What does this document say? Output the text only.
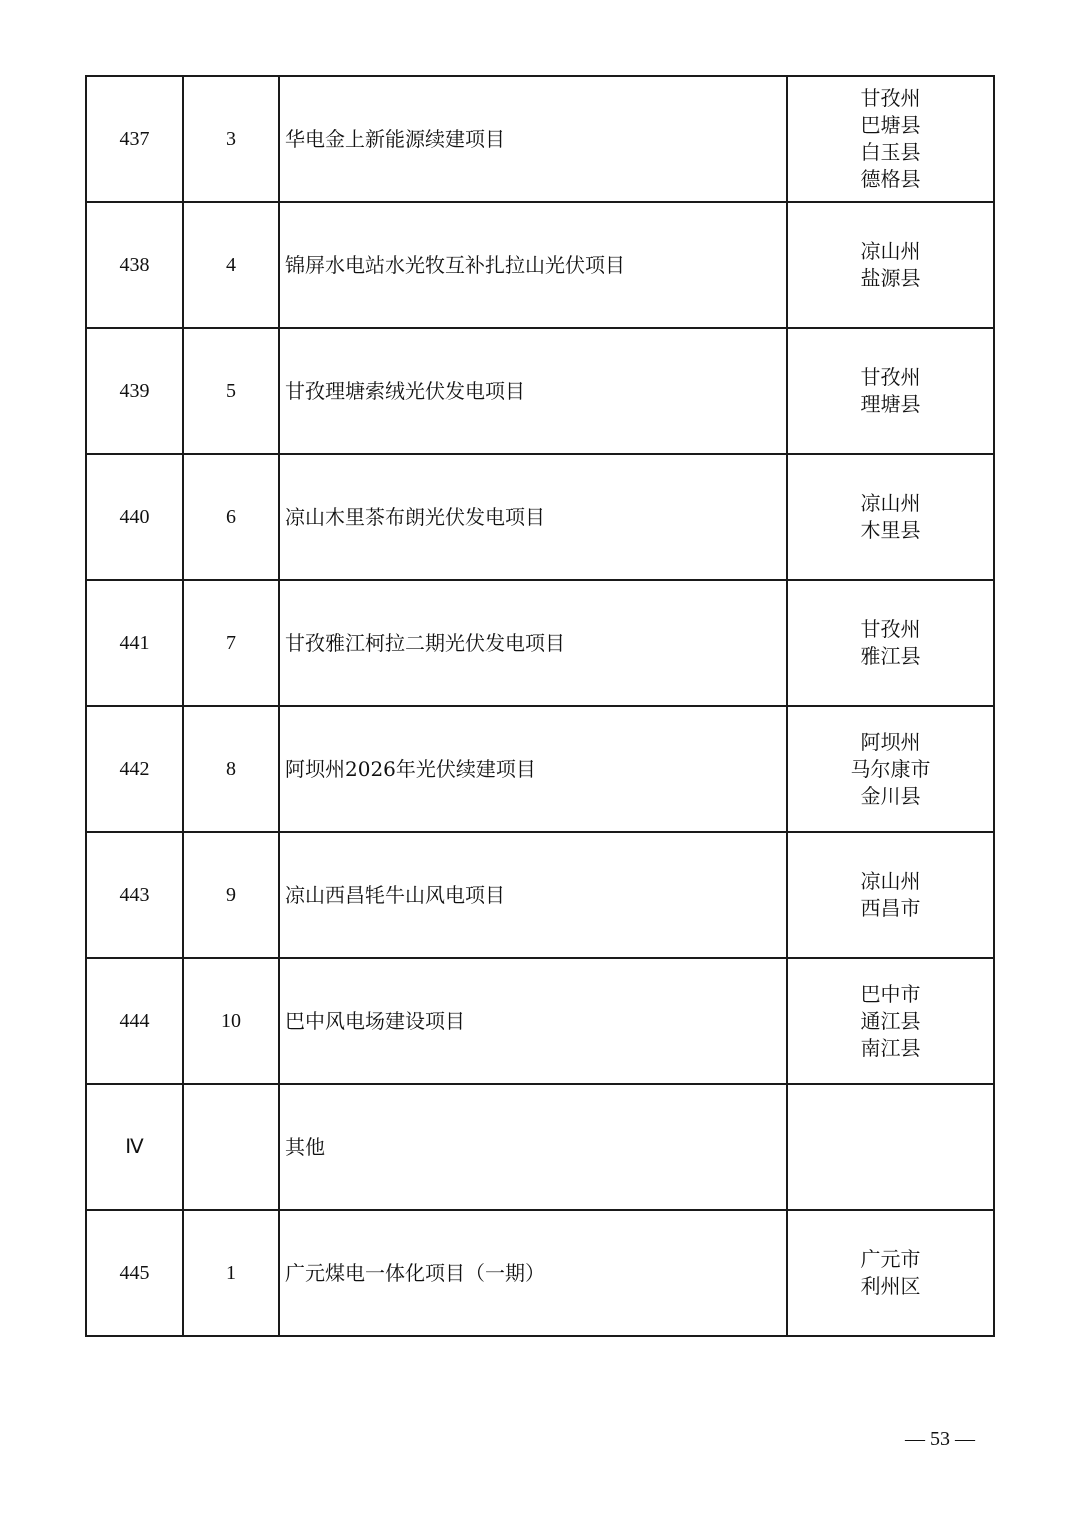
437	3	华电金上新能源续建项目	甘孜州
巴塘县
白玉县
德格县

438	4	锦屏水电站水光牧互补扎拉山光伏项目	凉山州
盐源县

439	5	甘孜理塘索绒光伏发电项目	甘孜州
理塘县

440	6	凉山木里茶布朗光伏发电项目	凉山州
木里县

441	7	甘孜雅江柯拉二期光伏发电项目	甘孜州
雅江县

442	8	阿坝州2026年光伏续建项目	阿坝州
马尔康市
金川县

443	9	凉山西昌牦牛山风电项目	凉山州
西昌市

444	10	巴中风电场建设项目	巴中市
通江县
南江县

Ⅳ		其他	
445	1	广元煤电一体化项目（一期）	广元市
利州区
— 53 —
